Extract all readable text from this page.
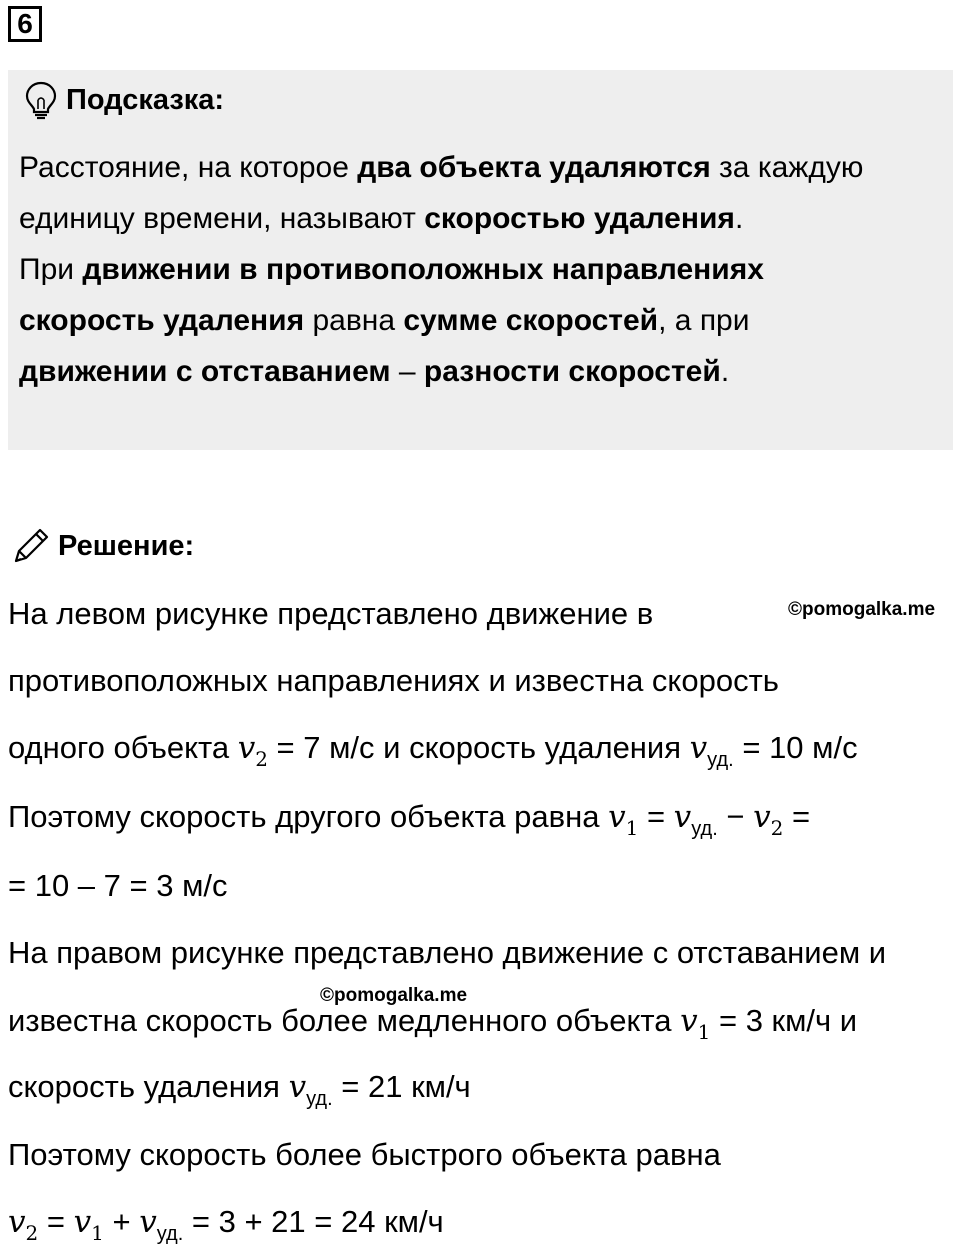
6
Подсказка:
Расстояние, на которое два объекта удаляются за каждую
единицу времени, называют скоростью удаления.
При движении в противоположных направлениях
скорость удаления равна сумме скоростей, а при
движении с отставанием – разности скоростей.
Решение:
©pomogalka.me
©pomogalka.me
На левом рисунке представлено движение в
противоположных направлениях и известна скорость
одного объекта 𝑣$_2$ = 7 м/с и скорость удаления 𝑣$_{уд.}$ = 10 м/с
Поэтому скорость другого объекта равна 𝑣$_1$ = 𝑣$_{уд.}$ − 𝑣$_2$ =
= 10 – 7 = 3 м/с
На правом рисунке представлено движение с отставанием и
известна скорость более медленного объекта 𝑣$_1$ = 3 км/ч и
скорость удаления 𝑣$_{уд.}$ = 21 км/ч
Поэтому скорость более быстрого объекта равна
𝑣$_2$ = 𝑣$_1$ + 𝑣$_{уд.}$ = 3 + 21 = 24 км/ч
